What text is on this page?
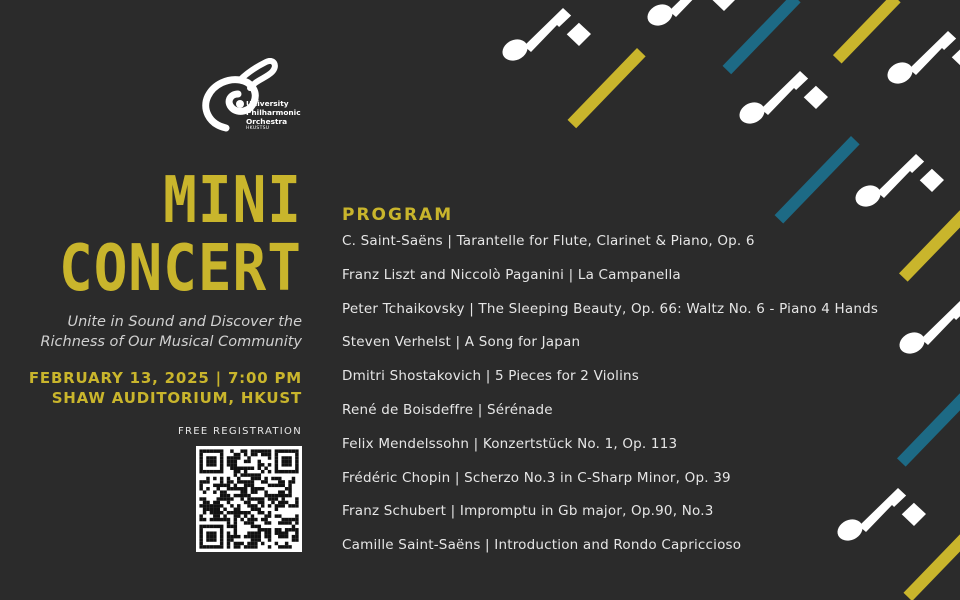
University
Philharmonic
Orchestra
HKUSTSU
MINI
CONCERT
Unite in Sound and Discover the
Richness of Our Musical Community
FEBRUARY 13, 2025 | 7:00 PM
SHAW AUDITORIUM, HKUST
FREE REGISTRATION
PROGRAM
C. Saint-Saëns | Tarantelle for Flute, Clarinet & Piano, Op. 6
Franz Liszt and Niccolò Paganini | La Campanella
Peter Tchaikovsky | The Sleeping Beauty, Op. 66: Waltz No. 6 - Piano 4 Hands
Steven Verhelst | A Song for Japan
Dmitri Shostakovich | 5 Pieces for 2 Violins
René de Boisdeffre | Sérénade
Felix Mendelssohn | Konzertstück No. 1, Op. 113
Frédéric Chopin | Scherzo No.3 in C-Sharp Minor, Op. 39
Franz Schubert | Impromptu in Gb major, Op.90, No.3
Camille Saint-Saëns | Introduction and Rondo Capriccioso
